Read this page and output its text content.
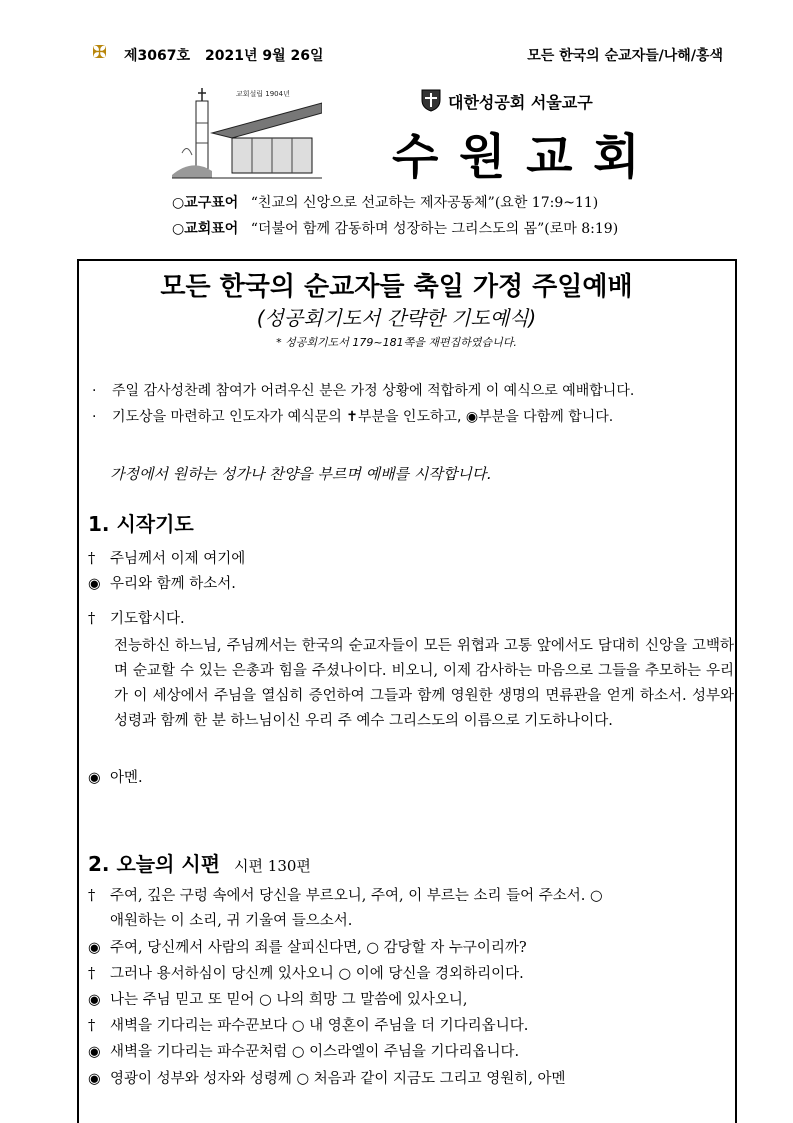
✠ 제3067호 2021년 9월 26일	모든 한국의 순교자들/나해/홍색
교회설립 1904년	대한성공회 서울교구
수 원 교 회
○교구표어 “친교의 신앙으로 선교하는 제자공동체”(요한 17:9~11)
○교회표어 “더불어 함께 감동하며 성장하는 그리스도의 몸”(로마 8:19)
모든 한국의 순교자들 축일 가정 주일예배
(성공회기도서 간략한 기도예식)
* 성공회기도서 179~181쪽을 재편집하였습니다.
· 주일 감사성찬례 참여가 어려우신 분은 가정 상황에 적합하게 이 예식으로 예배합니다.
· 기도상을 마련하고 인도자가 예식문의 ✝부분을 인도하고, ◉부분을 다함께 합니다.
가정에서 원하는 성가나 찬양을 부르며 예배를 시작합니다.
1. 시작기도
† 주님께서 이제 여기에
◉ 우리와 함께 하소서.
† 기도합시다.
전능하신 하느님, 주님께서는 한국의 순교자들이 모든 위협과 고통 앞에서도 담대히 신앙을 고백하며 순교할 수 있는 은총과 힘을 주셨나이다. 비오니, 이제 감사하는 마음으로 그들을 추모하는 우리가 이 세상에서 주님을 열심히 증언하여 그들과 함께 영원한 생명의 면류관을 얻게 하소서. 성부와 성령과 함께 한 분 하느님이신 우리 주 예수 그리스도의 이름으로 기도하나이다.
◉ 아멘.
2. 오늘의 시편 시편 130편
† 주여, 깊은 구렁 속에서 당신을 부르오니, 주여, 이 부르는 소리 들어 주소서. ○
애원하는 이 소리, 귀 기울여 들으소서.
◉ 주여, 당신께서 사람의 죄를 살피신다면, ○ 감당할 자 누구이리까?
† 그러나 용서하심이 당신께 있사오니 ○ 이에 당신을 경외하리이다.
◉ 나는 주님 믿고 또 믿어 ○ 나의 희망 그 말씀에 있사오니,
† 새벽을 기다리는 파수꾼보다 ○ 내 영혼이 주님을 더 기다리옵니다.
◉ 새벽을 기다리는 파수꾼처럼 ○ 이스라엘이 주님을 기다리옵니다.
◉ 영광이 성부와 성자와 성령께 ○ 처음과 같이 지금도 그리고 영원히, 아멘
